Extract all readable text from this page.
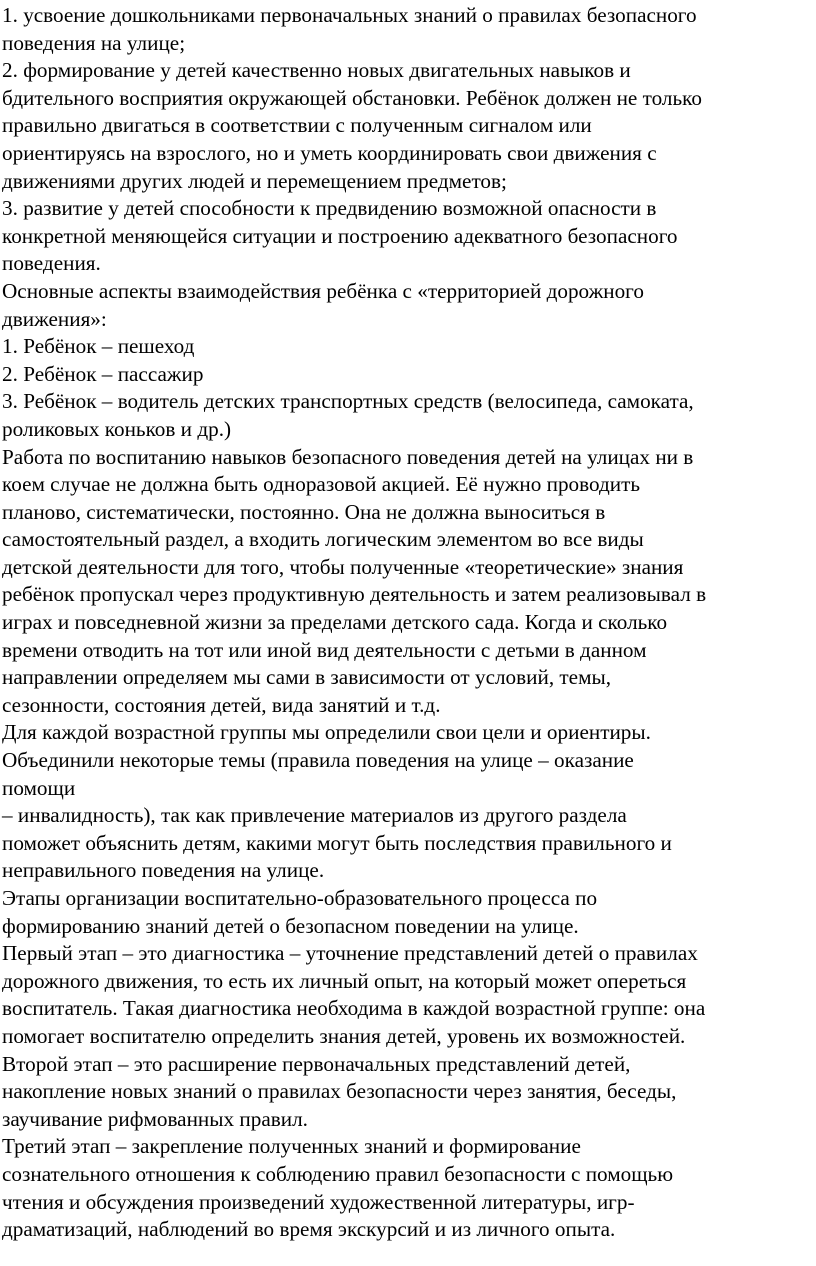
1. усвоение дошкольниками первоначальных знаний о правилах безопасного
поведения на улице;
2. формирование у детей качественно новых двигательных навыков и
бдительного восприятия окружающей обстановки. Ребёнок должен не только
правильно двигаться в соответствии с полученным сигналом или
ориентируясь на взрослого, но и уметь координировать свои движения с
движениями других людей и перемещением предметов;
3. развитие у детей способности к предвидению возможной опасности в
конкретной меняющейся ситуации и построению адекватного безопасного
поведения.
Основные аспекты взаимодействия ребёнка с «территорией дорожного
движения»:
1. Ребёнок – пешеход
2. Ребёнок – пассажир
3. Ребёнок – водитель детских транспортных средств (велосипеда, самоката,
роликовых коньков и др.)
Работа по воспитанию навыков безопасного поведения детей на улицах ни в
коем случае не должна быть одноразовой акцией. Её нужно проводить
планово, систематически, постоянно. Она не должна выноситься в
самостоятельный раздел, а входить логическим элементом во все виды
детской деятельности для того, чтобы полученные «теоретические» знания
ребёнок пропускал через продуктивную деятельность и затем реализовывал в
играх и повседневной жизни за пределами детского сада. Когда и сколько
времени отводить на тот или иной вид деятельности с детьми в данном
направлении определяем мы сами в зависимости от условий, темы,
сезонности, состояния детей, вида занятий и т.д.
Для каждой возрастной группы мы определили свои цели и ориентиры.
Объединили некоторые темы (правила поведения на улице – оказание
помощи
– инвалидность), так как привлечение материалов из другого раздела
поможет объяснить детям, какими могут быть последствия правильного и
неправильного поведения на улице.
Этапы организации воспитательно-образовательного процесса по
формированию знаний детей о безопасном поведении на улице.
Первый этап – это диагностика – уточнение представлений детей о правилах
дорожного движения, то есть их личный опыт, на который может опереться
воспитатель. Такая диагностика необходима в каждой возрастной группе: она
помогает воспитателю определить знания детей, уровень их возможностей.
Второй этап – это расширение первоначальных представлений детей,
накопление новых знаний о правилах безопасности через занятия, беседы,
заучивание рифмованных правил.
Третий этап – закрепление полученных знаний и формирование
сознательного отношения к соблюдению правил безопасности с помощью
чтения и обсуждения произведений художественной литературы, игр-
драматизаций, наблюдений во время экскурсий и из личного опыта.
